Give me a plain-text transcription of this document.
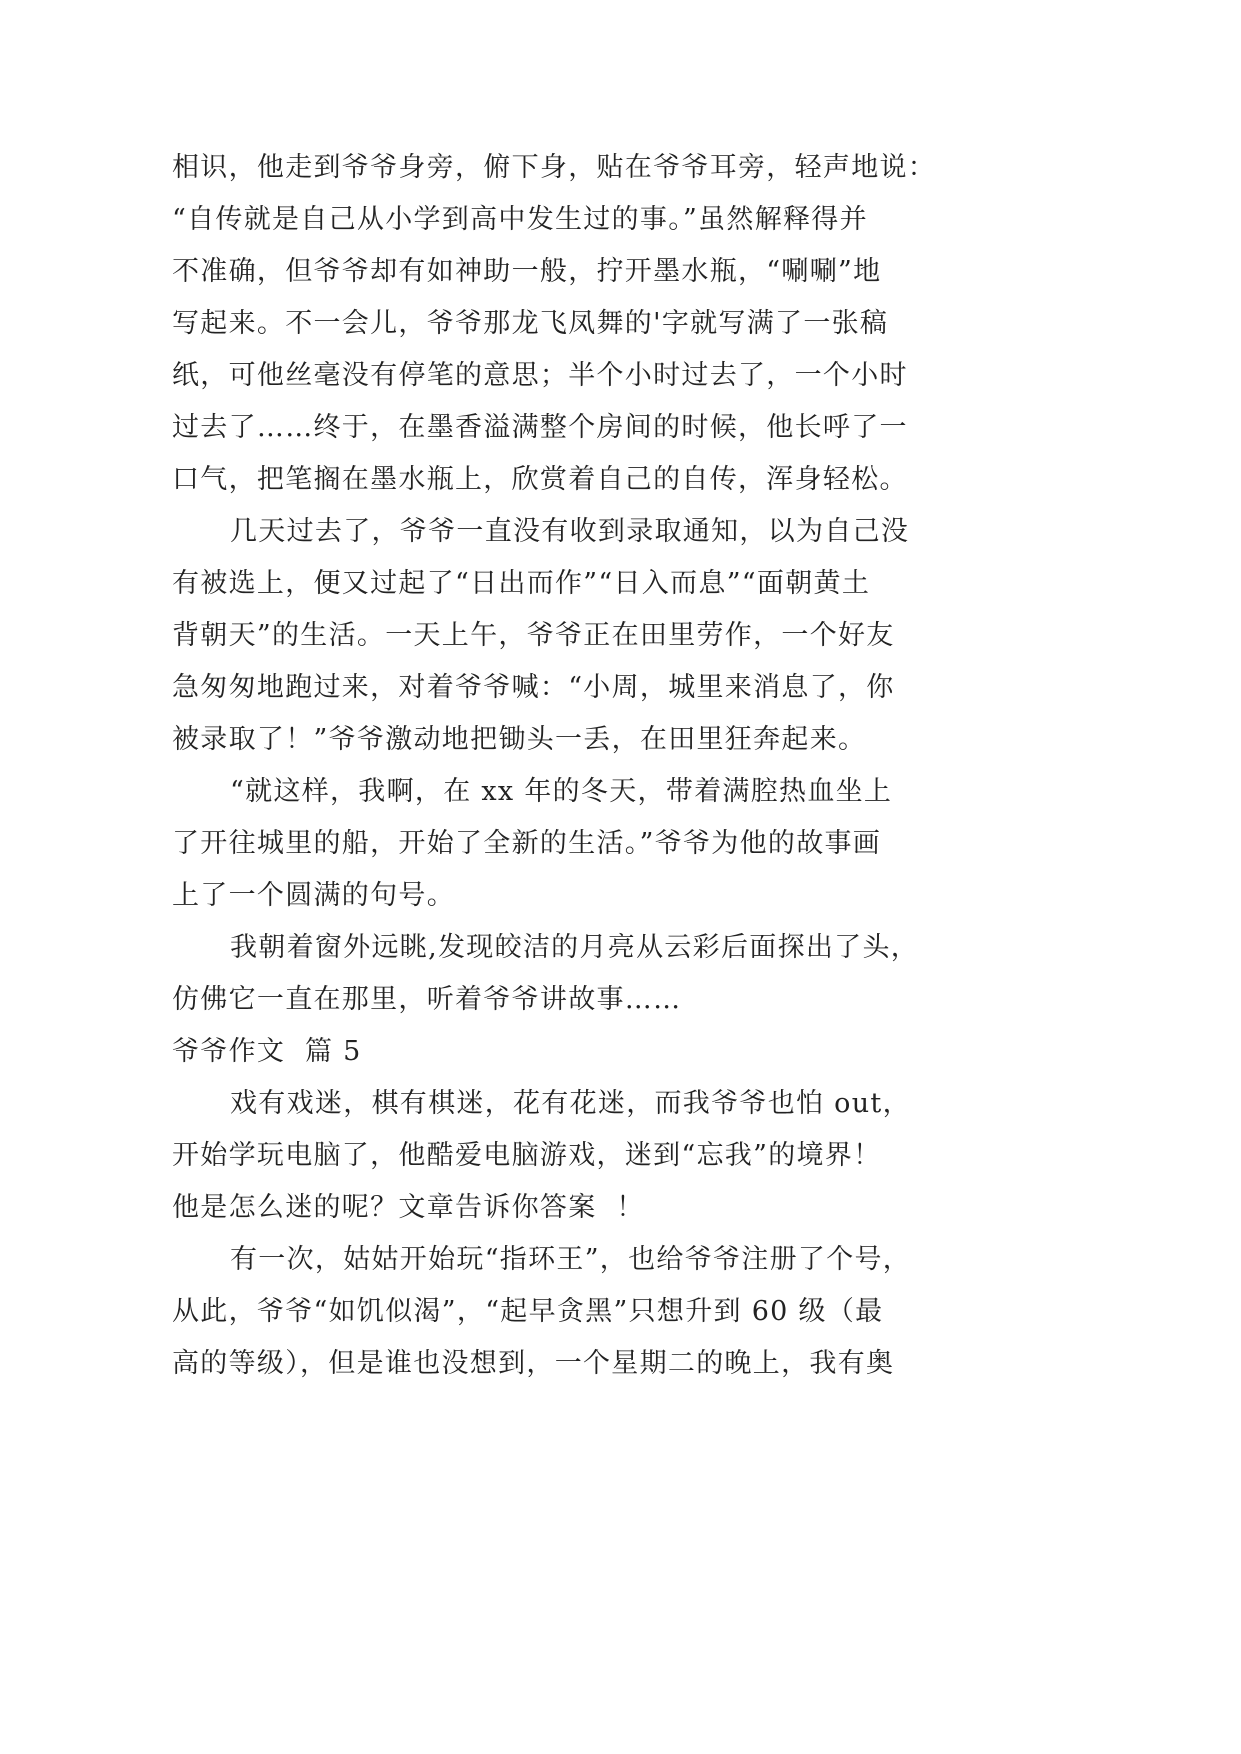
相识，他走到爷爷身旁，俯下身，贴在爷爷耳旁，轻声地说：
“自传就是自己从小学到高中发生过的事。”虽然解释得并
不准确，但爷爷却有如神助一般，拧开墨水瓶，“唰唰”地
写起来。不一会儿，爷爷那龙飞凤舞的'字就写满了一张稿
纸，可他丝毫没有停笔的意思；半个小时过去了，一个小时
过去了……终于，在墨香溢满整个房间的时候，他长呼了一
口气，把笔搁在墨水瓶上，欣赏着自己的自传，浑身轻松。
几天过去了，爷爷一直没有收到录取通知，以为自己没
有被选上，便又过起了“日出而作”“日入而息”“面朝黄土
背朝天”的生活。一天上午，爷爷正在田里劳作，一个好友
急匆匆地跑过来，对着爷爷喊：“小周，城里来消息了，你
被录取了！”爷爷激动地把锄头一丢，在田里狂奔起来。
“就这样，我啊，在 xx 年的冬天，带着满腔热血坐上
了开往城里的船，开始了全新的生活。”爷爷为他的故事画
上了一个圆满的句号。
我朝着窗外远眺,发现皎洁的月亮从云彩后面探出了头，
仿佛它一直在那里，听着爷爷讲故事……
爷爷作文  篇 5
戏有戏迷，棋有棋迷，花有花迷，而我爷爷也怕 out，
开始学玩电脑了，他酷爱电脑游戏，迷到“忘我”的境界！
他是怎么迷的呢？文章告诉你答案  ！
有一次，姑姑开始玩“指环王”，也给爷爷注册了个号，
从此，爷爷“如饥似渴”，“起早贪黑”只想升到 60 级（最
高的等级），但是谁也没想到，一个星期二的晚上，我有奥
